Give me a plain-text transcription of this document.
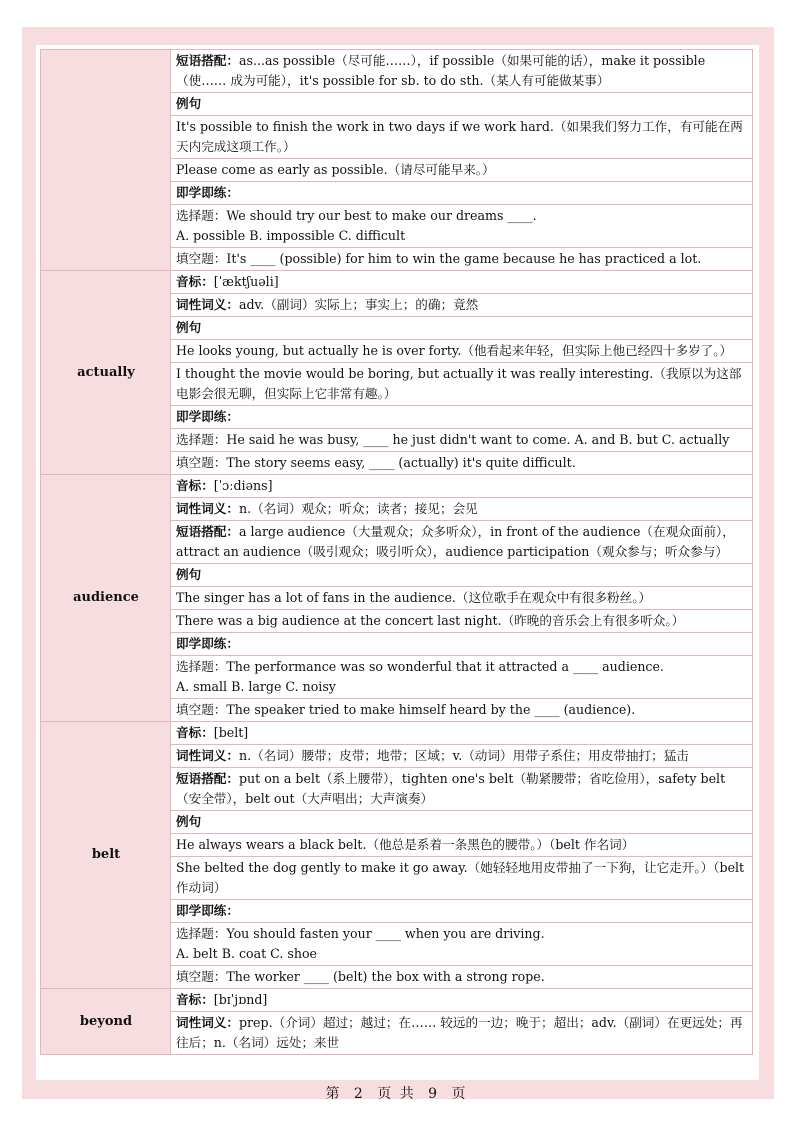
	短语搭配：as...as possible（尽可能……），if possible（如果可能的话），make it possible（使…… 成为可能），it's possible for sb. to do sth.（某人有可能做某事）
	例句
	It's possible to finish the work in two days if we work hard.（如果我们努力工作，有可能在两天内完成这项工作。）
	Please come as early as possible.（请尽可能早来。）
	即学即练：

	选择题：We should try our best to make our dreams ____.
A. possible B. impossible C. difficult

	填空题：It's ____ (possible) for him to win the game because he has practiced a lot.
actually	音标：[ˈæktʃuəli]
	词性词义：adv.（副词）实际上；事实上；的确；竟然
	例句
	He looks young, but actually he is over forty.（他看起来年轻，但实际上他已经四十多岁了。）
	I thought the movie would be boring, but actually it was really interesting.（我原以为这部电影会很无聊，但实际上它非常有趣。）
	即学即练：
	选择题：He said he was busy, ____ he just didn't want to come. A. and B. but C. actually
	填空题：The story seems easy, ____ (actually) it's quite difficult.
audience	音标：[ˈɔːdiəns]
	词性词义：n.（名词）观众；听众；读者；接见；会见
	短语搭配：a large audience（大量观众；众多听众），in front of the audience（在观众面前），attract an audience（吸引观众；吸引听众），audience participation（观众参与；听众参与）
	例句
	The singer has a lot of fans in the audience.（这位歌手在观众中有很多粉丝。）
	There was a big audience at the concert last night.（昨晚的音乐会上有很多听众。）
	即学即练：

	选择题：The performance was so wonderful that it attracted a ____ audience.
A. small B. large C. noisy

	填空题：The speaker tried to make himself heard by the ____ (audience).
belt	音标：[belt]
	词性词义：n.（名词）腰带；皮带；地带；区域；v.（动词）用带子系住；用皮带抽打；猛击
	短语搭配：put on a belt（系上腰带），tighten one's belt（勒紧腰带；省吃俭用），safety belt（安全带），belt out（大声唱出；大声演奏）
	例句
	He always wears a black belt.（他总是系着一条黑色的腰带。）（belt 作名词）
	She belted the dog gently to make it go away.（她轻轻地用皮带抽了一下狗，让它走开。）（belt 作动词）
	即学即练：

	选择题：You should fasten your ____ when you are driving.
A. belt B. coat C. shoe

	填空题：The worker ____ (belt) the box with a strong rope.
beyond	音标：[bɪˈjɒnd]
	词性词义：prep.（介词）超过；越过；在…… 较远的一边；晚于；超出；adv.（副词）在更远处；再往后；n.（名词）远处；来世
第 2 页 共 9 页
